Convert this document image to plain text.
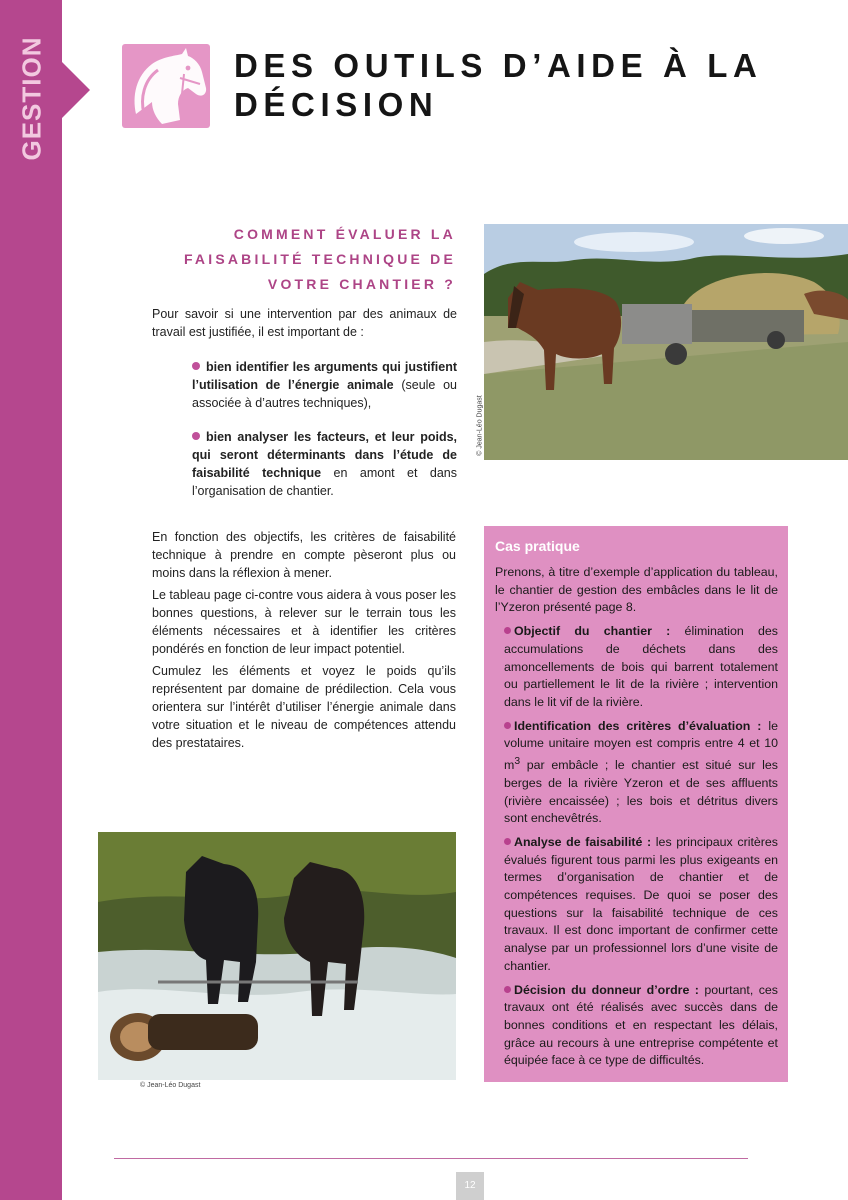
GESTION	DES OUTILS D’AIDE À LA
DÉCISION
COMMENT ÉVALUER LA
FAISABILITÉ TECHNIQUE DE
VOTRE CHANTIER ?

Pour savoir si une intervention par des animaux de travail est justifiée, il est important de :

bien identifier les arguments qui justifient l’utilisation de l’énergie animale (seule ou associée à d’autres techniques),

bien analyser les facteurs, et leur poids, qui seront déterminants dans l’étude de faisabilité technique en amont et dans l’organisation de chantier.

En fonction des objectifs, les critères de faisabilité technique à prendre en compte pèseront plus ou moins dans la réflexion à mener.

Le tableau page ci-contre vous aidera à vous poser les bonnes questions, à relever sur le terrain tous les éléments nécessaires et à identifier les critères pondérés en fonction de leur impact potentiel.

Cumulez les éléments et voyez le poids qu’ils représentent par domaine de prédilection. Cela vous orientera sur l’intérêt d’utiliser l’énergie animale dans votre situation et le niveau de compétences attendu des prestataires.

© Jean-Léo Dugast
Cas pratique

Prenons, à titre d’exemple d’application du tableau, le chantier de gestion des embâcles dans le lit de l’Yzeron présenté page 8.

Objectif du chantier : élimination des accumulations de déchets dans des amoncellements de bois qui barrent totalement ou partiellement le lit de la rivière ; intervention dans le lit vif de la rivière.

Identification des critères d’évaluation : le volume unitaire moyen est compris entre 4 et 10 $m^3$ par embâcle ; le chantier est situé sur les berges de la rivière Yzeron et de ses affluents (rivière encaissée) ; les bois et détritus divers sont enchevêtrés.

Analyse de faisabilité : les principaux critères évalués figurent tous parmi les plus exigeants en termes d’organisation de chantier et de compétences requises. De quoi se poser des questions sur la faisabilité technique de ces travaux. Il est donc important de confirmer cette analyse par un professionnel lors d’une visite de chantier.

Décision du donneur d’ordre : pourtant, ces travaux ont été réalisés avec succès dans de bonnes conditions et en respectant les délais, grâce au recours à une entreprise compétente et équipée face à ce type de difficultés.

© Jean-Léo Dugast
12
